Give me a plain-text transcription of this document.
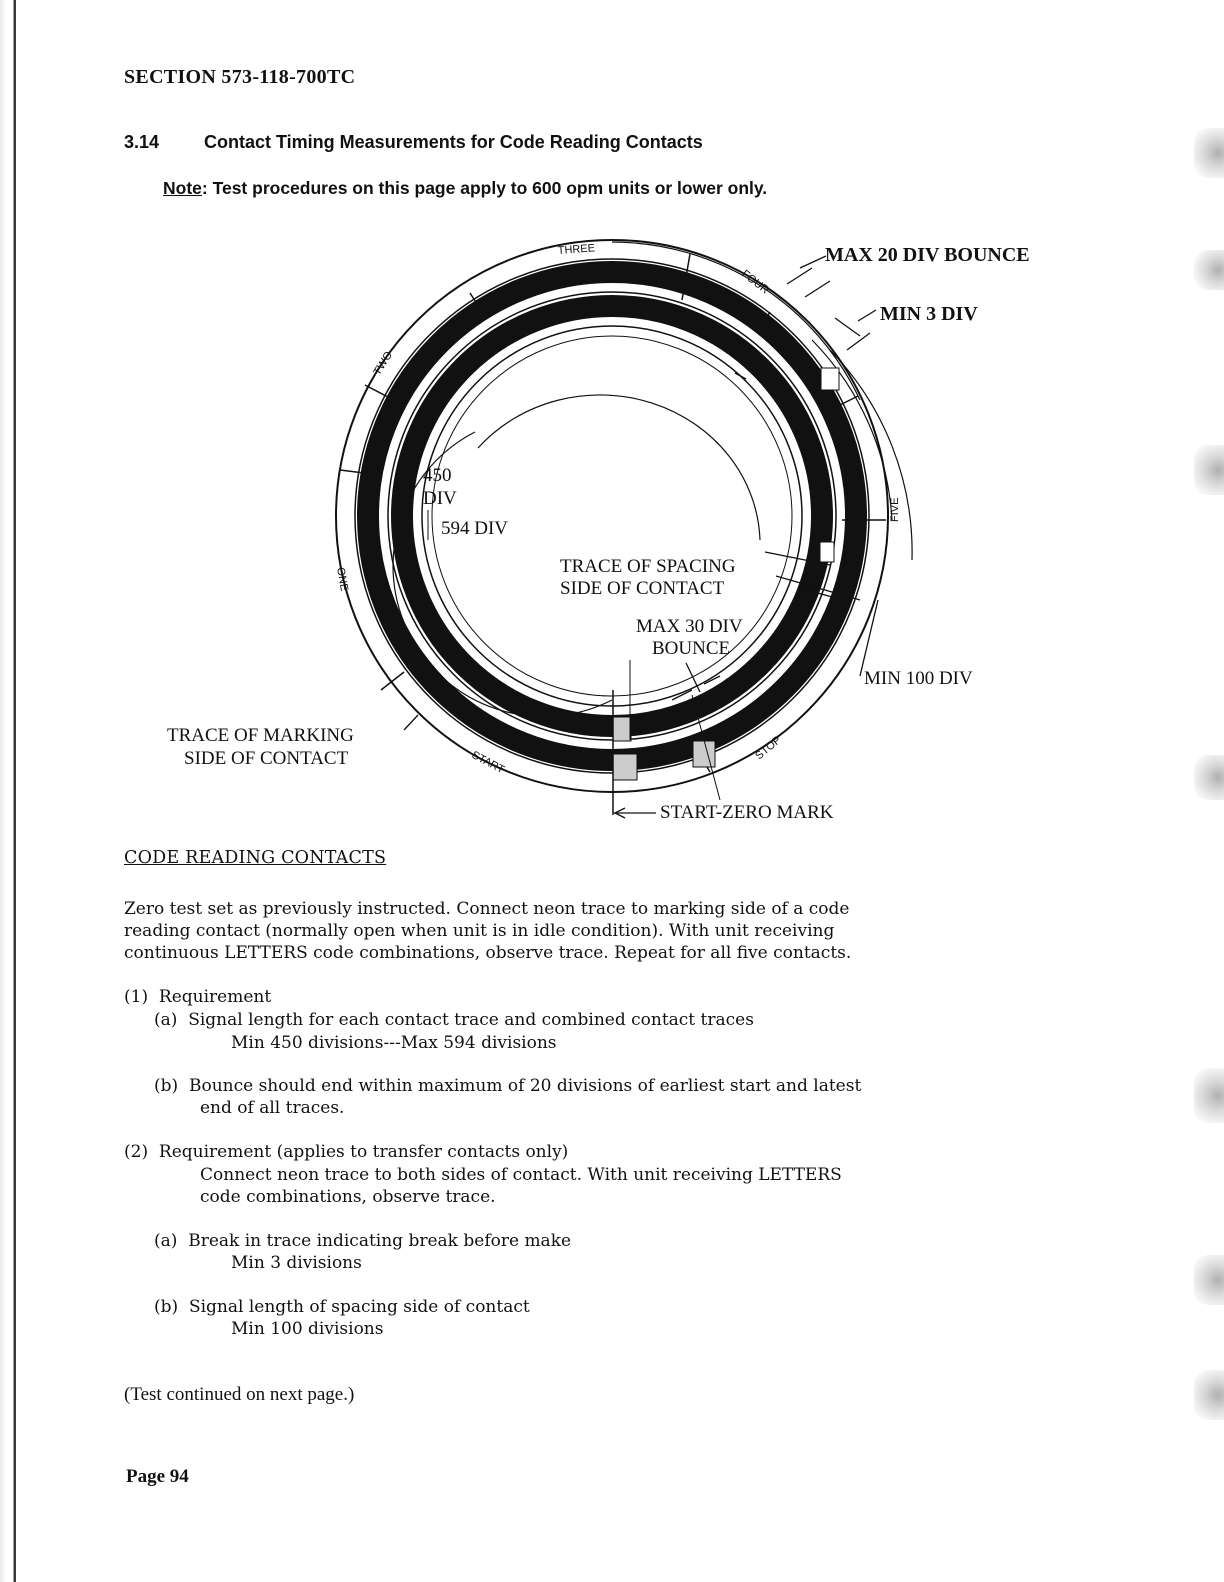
SECTION 573-118-700TC
3.14 Contact Timing Measurements for Code Reading Contacts
Note: Test procedures on this page apply to 600 opm units or lower only.
THREE
FOUR
TWO
FIVE
ONE
START
STOP
MAX 20 DIV BOUNCE
MIN 3 DIV
450
DIV
594 DIV
TRACE OF SPACING
SIDE OF CONTACT
MAX 30 DIV
BOUNCE
MIN 100 DIV
TRACE OF MARKING
SIDE OF CONTACT
START-ZERO MARK
CODE READING CONTACTS
Zero test set as previously instructed. Connect neon trace to marking side of a code
reading contact (normally open when unit is in idle condition). With unit receiving
continuous LETTERS code combinations, observe trace. Repeat for all five contacts.
(1) Requirement
(a) Signal length for each contact trace and combined contact traces
Min 450 divisions---Max 594 divisions
(b) Bounce should end within maximum of 20 divisions of earliest start and latest
end of all traces.
(2) Requirement (applies to transfer contacts only)
Connect neon trace to both sides of contact. With unit receiving LETTERS
code combinations, observe trace.
(a) Break in trace indicating break before make
Min 3 divisions
(b) Signal length of spacing side of contact
Min 100 divisions
(Test continued on next page.)
Page 94
